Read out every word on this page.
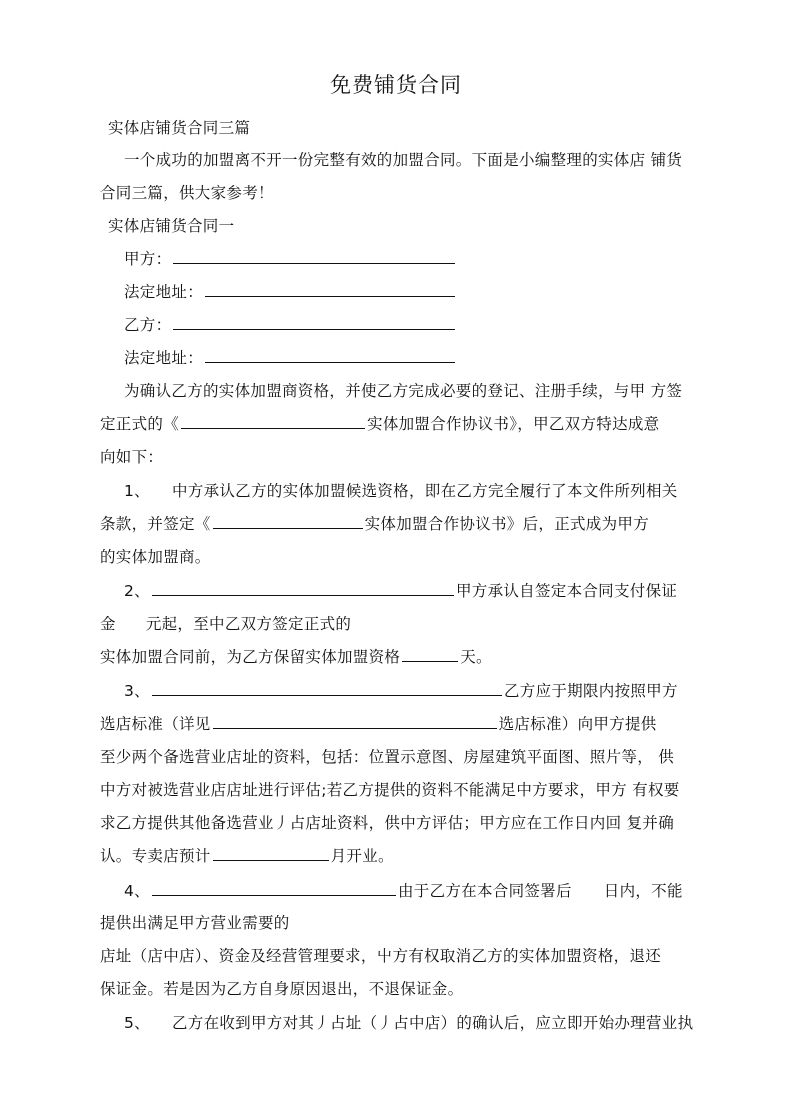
免费铺货合同
实体店铺货合同三篇
一个成功的加盟离不开一份完整有效的加盟合同。下面是小编整理的实体店 铺货
合同三篇，供大家参考！
实体店铺货合同一
甲方：
法定地址：
乙方：
法定地址：
为确认乙方的实体加盟商资格，并使乙方完成必要的登记、注册手续，与甲 方签
定正式的《	实体加盟合作协议书》，甲乙双方特达成意
向如下：
1、 中方承认乙方的实体加盟候选资格，即在乙方完全履行了本文件所列相关
条款，并签定《	实体加盟合作协议书》后，正式成为甲方
的实体加盟商。
2、	甲方承认自签定本合同支付保证
金 元起，至中乙双方签定正式的
实体加盟合同前，为乙方保留实体加盟资格	天。
3、	乙方应于期限内按照甲方
选店标准（详见	选店标准）向甲方提供
至少两个备选营业店址的资料，包括：位置示意图、房屋建筑平面图、照片等， 供
中方对被选营业店店址进行评估;若乙方提供的资料不能满足中方要求，甲方 有权要
求乙方提供其他备选营业丿占店址资料，供中方评估；甲方应在工作日内回 复并确
认。专卖店预计	月开业。
4、	由于乙方在本合同签署后 日内，不能
提供出满足甲方营业需要的
店址（店中店）、资金及经营管理要求，屮方有权取消乙方的实体加盟资格，退还
保证金。若是因为乙方自身原因退出，不退保证金。
5、 乙方在收到甲方对其丿占址（丿占中店）的确认后，应立即开始办理营业执
